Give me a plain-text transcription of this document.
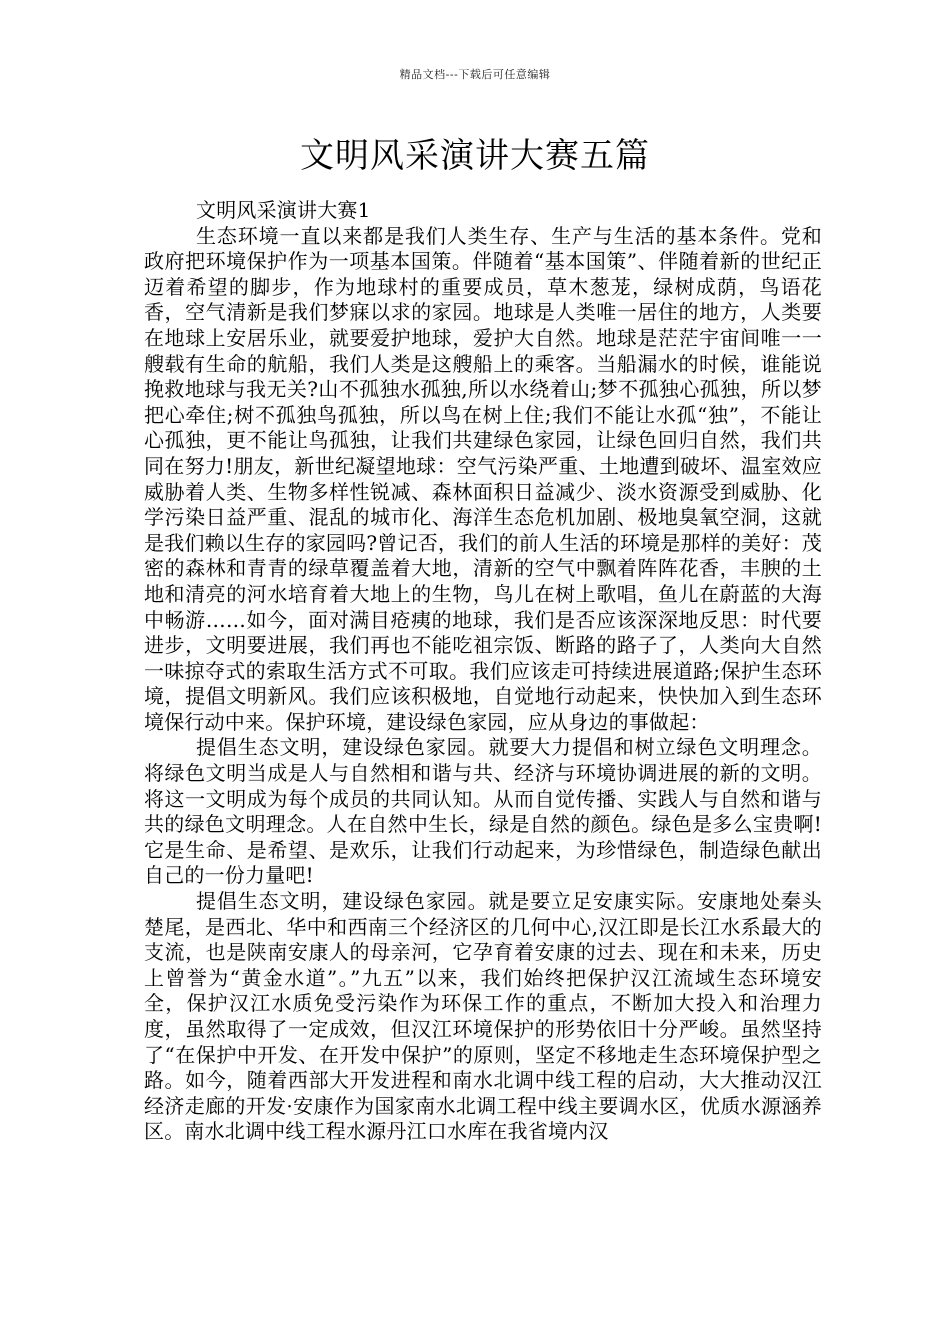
精品文档---下载后可任意编辑
文明风采演讲大赛五篇

文明风采演讲大赛1

生态环境一直以来都是我们人类生存、生产与生活的基本条件。党和政府把环境保护作为一项基本国策。伴随着“基本国策”、伴随着新的世纪正迈着希望的脚步，作为地球村的重要成员，草木葱茏，绿树成荫，鸟语花香，空气清新是我们梦寐以求的家园。地球是人类唯一居住的地方，人类要在地球上安居乐业，就要爱护地球，爱护大自然。地球是茫茫宇宙间唯一一艘载有生命的航船，我们人类是这艘船上的乘客。当船漏水的时候，谁能说挽救地球与我无关?山不孤独水孤独,所以水绕着山;梦不孤独心孤独，所以梦把心牵住;树不孤独鸟孤独，所以鸟在树上住;我们不能让水孤“独”，不能让心孤独，更不能让鸟孤独，让我们共建绿色家园，让绿色回归自然，我们共同在努力!朋友，新世纪凝望地球：空气污染严重、土地遭到破坏、温室效应威胁着人类、生物多样性锐减、森林面积日益减少、淡水资源受到威胁、化学污染日益严重、混乱的城市化、海洋生态危机加剧、极地臭氧空洞，这就是我们赖以生存的家园吗?曾记否，我们的前人生活的环境是那样的美好：茂密的森林和青青的绿草覆盖着大地，清新的空气中飘着阵阵花香，丰腴的土地和清亮的河水培育着大地上的生物，鸟儿在树上歌唱，鱼儿在蔚蓝的大海中畅游……如今，面对满目疮痍的地球，我们是否应该深深地反思：时代要进步，文明要进展，我们再也不能吃祖宗饭、断路的路子了，人类向大自然一味掠夺式的索取生活方式不可取。我们应该走可持续进展道路;保护生态环境，提倡文明新风。我们应该积极地，自觉地行动起来，快快加入到生态环境保行动中来。保护环境，建设绿色家园，应从身边的事做起：

提倡生态文明，建设绿色家园。就要大力提倡和树立绿色文明理念。将绿色文明当成是人与自然相和谐与共、经济与环境协调进展的新的文明。将这一文明成为每个成员的共同认知。从而自觉传播、实践人与自然和谐与共的绿色文明理念。人在自然中生长，绿是自然的颜色。绿色是多么宝贵啊!它是生命、是希望、是欢乐，让我们行动起来，为珍惜绿色，制造绿色献出自己的一份力量吧!

提倡生态文明，建设绿色家园。就是要立足安康实际。安康地处秦头楚尾，是西北、华中和西南三个经济区的几何中心,汉江即是长江水系最大的支流，也是陕南安康人的母亲河，它孕育着安康的过去、现在和未来，历史上曾誉为“黄金水道”。”九五”以来，我们始终把保护汉江流域生态环境安全，保护汉江水质免受污染作为环保工作的重点，不断加大投入和治理力度，虽然取得了一定成效，但汉江环境保护的形势依旧十分严峻。虽然坚持了“在保护中开发、在开发中保护”的原则，坚定不移地走生态环境保护型之路。如今，随着西部大开发进程和南水北调中线工程的启动，大大推动汉江经济走廊的开发·安康作为国家南水北调工程中线主要调水区，优质水源涵养区。南水北调中线工程水源丹江口水库在我省境内汉
